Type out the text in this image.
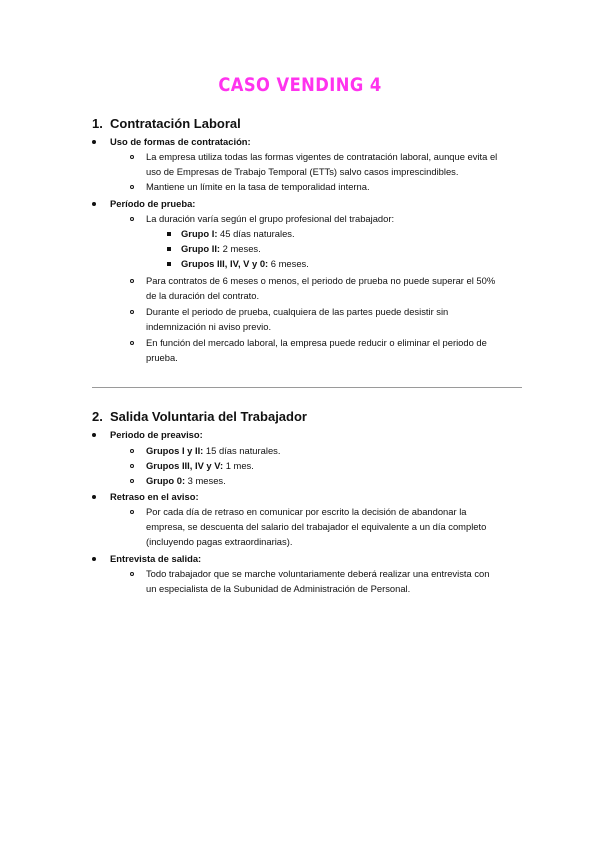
CASO VENDING 4
1. Contratación Laboral
Uso de formas de contratación:
La empresa utiliza todas las formas vigentes de contratación laboral, aunque evita el
uso de Empresas de Trabajo Temporal (ETTs) salvo casos imprescindibles.
Mantiene un límite en la tasa de temporalidad interna.
Período de prueba:
La duración varía según el grupo profesional del trabajador:
Grupo I: 45 días naturales.
Grupo II: 2 meses.
Grupos III, IV, V y 0: 6 meses.
Para contratos de 6 meses o menos, el periodo de prueba no puede superar el 50%
de la duración del contrato.
Durante el periodo de prueba, cualquiera de las partes puede desistir sin
indemnización ni aviso previo.
En función del mercado laboral, la empresa puede reducir o eliminar el periodo de
prueba.
2. Salida Voluntaria del Trabajador
Periodo de preaviso:
Grupos I y II: 15 días naturales.
Grupos III, IV y V: 1 mes.
Grupo 0: 3 meses.
Retraso en el aviso:
Por cada día de retraso en comunicar por escrito la decisión de abandonar la
empresa, se descuenta del salario del trabajador el equivalente a un día completo
(incluyendo pagas extraordinarias).
Entrevista de salida:
Todo trabajador que se marche voluntariamente deberá realizar una entrevista con
un especialista de la Subunidad de Administración de Personal.
